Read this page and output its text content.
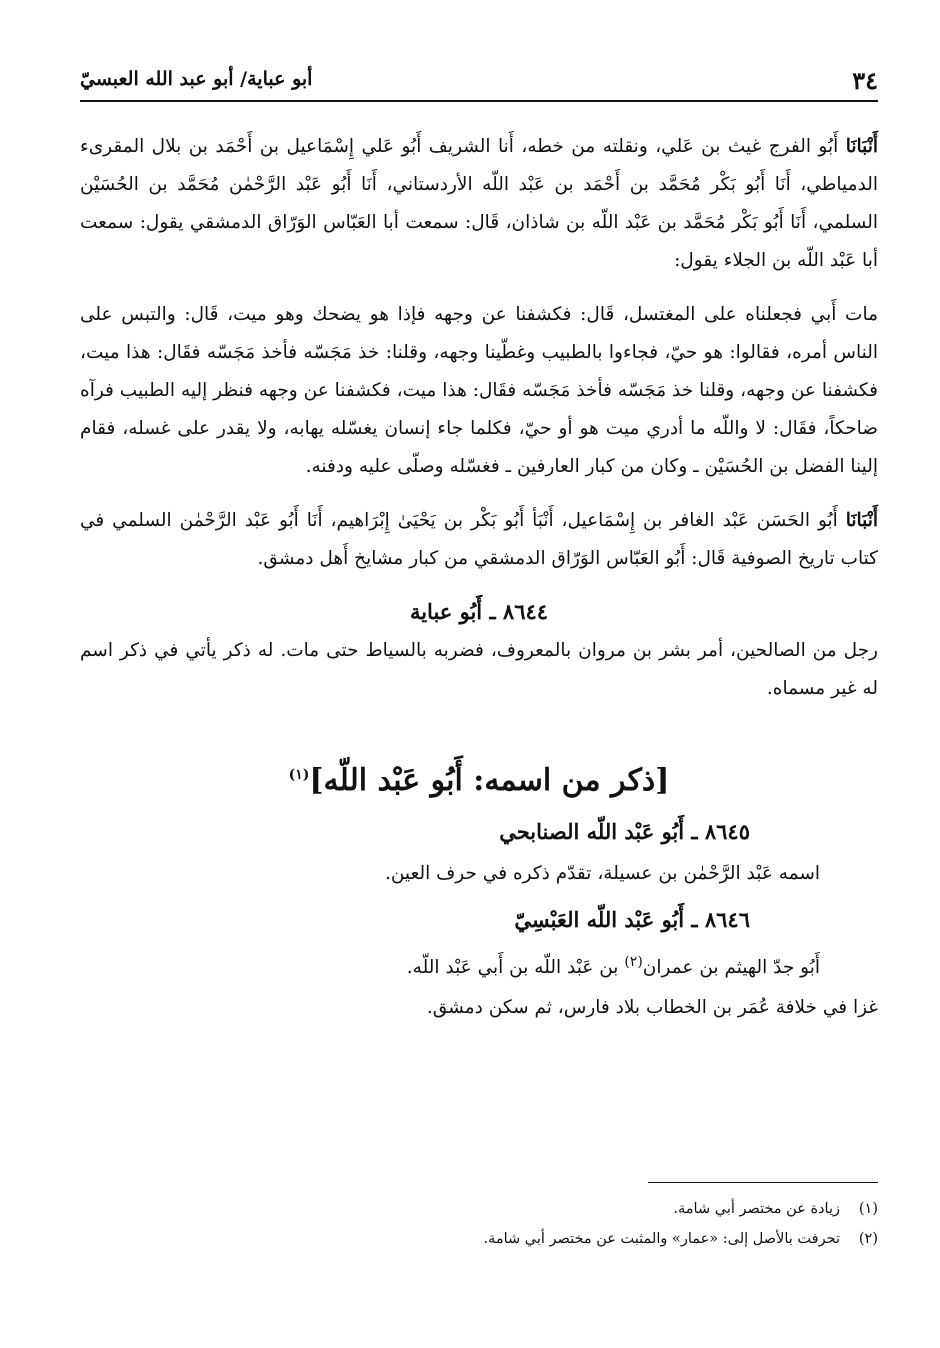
٣٤
أبو عباية/ أبو عبد الله العبسيّ

أَنْبَانَا أَبُو الفرج غيث بن عَلي، ونقلته من خطه، أَنا الشريف أَبُو عَلي إِسْمَاعيل بن أَحْمَد بن بلال المقرىء الدمياطي، أَنَا أَبُو بَكْر مُحَمَّد بن أَحْمَد بن عَبْد اللّه الأردستاني، أَنَا أَبُو عَبْد الرَّحْمٰن مُحَمَّد بن الحُسَيْن السلمي، أَنَا أَبُو بَكْر مُحَمَّد بن عَبْد اللّه بن شاذان، قَال: سمعت أبا العَبّاس الوَرّاق الدمشقي يقول: سمعت أبا عَبْد اللّه بن الجلاء يقول:

مات أَبي فجعلناه على المغتسل، قَال: فكشفنا عن وجهه فإذا هو يضحك وهو ميت، قَال: والتبس على الناس أمره، فقالوا: هو حيّ، فجاءوا بالطبيب وغطّينا وجهه، وقلنا: خذ مَجَسّه فأخذ مَجَسّه فقَال: هذا ميت، فكشفنا عن وجهه، وقلنا خذ مَجَسّه فأخذ مَجَسّه فقَال: هذا ميت، فكشفنا عن وجهه فنظر إليه الطبيب فرآه ضاحكاً، فقَال: لا واللّه ما أدري ميت هو أو حيّ، فكلما جاء إنسان يغسّله يهابه، ولا يقدر على غسله، فقام إلينا الفضل بن الحُسَيْن ـ وكان من كبار العارفين ـ فغسّله وصلّى عليه ودفنه.

أَنْبَانَا أَبُو الحَسَن عَبْد الغافر بن إِسْمَاعيل، أَنْبَأ أَبُو بَكْر بن يَحْيَىٰ إِبْرَاهيم، أَنَا أَبُو عَبْد الرَّحْمٰن السلمي في كتاب تاريخ الصوفية قَال: أَبُو العَبّاس الوَرّاق الدمشقي من كبار مشايخ أَهل دمشق.

٨٦٤٤ ـ أَبُو عباية

رجل من الصالحين، أمر بشر بن مروان بالمعروف، فضربه بالسياط حتى مات. له ذكر يأتي في ذكر اسم له غير مسماه.

[ذكر من اسمه: أَبُو عَبْد اللّه]$^{(١)}$
٨٦٤٥ ـ أَبُو عَبْد اللّه الصنابحي

اسمه عَبْد الرَّحْمٰن بن عسيلة، تقدّم ذكره في حرف العين.

٨٦٤٦ ـ أَبُو عَبْد اللّه العَبْسِيّ

أَبُو جدّ الهيثم بن عمران$^{(٢)}$ بن عَبْد اللّه بن أَبي عَبْد اللّه.

غزا في خلافة عُمَر بن الخطاب بلاد فارس، ثم سكن دمشق.

(١)
زيادة عن مختصر أبي شامة.
(٢)
تحرفت بالأصل إلى: «عمار» والمثبت عن مختصر أبي شامة.
